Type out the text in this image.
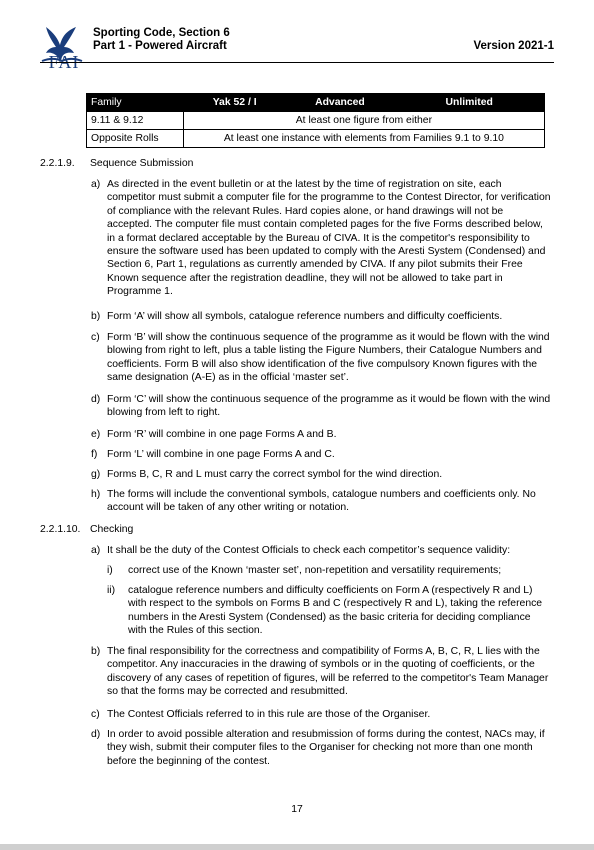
FAI
Sporting Code, Section 6
Part 1 - Powered Aircraft	Version 2021-1
Family	Yak 52 / I	Advanced	Unlimited
9.11 & 9.12	At least one figure from either		
Opposite Rolls	At least one instance with elements from Families 9.1 to 9.10		
2.2.1.9. Sequence Submission
a) As directed in the event bulletin or at the latest by the time of registration on site, each competitor must submit a computer file for the programme to the Contest Director, for verification of compliance with the relevant Rules. Hard copies alone, or hand drawings will not be accepted. The computer file must contain completed pages for the five Forms described below, in a format declared acceptable by the Bureau of CIVA. It is the competitor's responsibility to ensure the software used has been updated to comply with the Aresti System (Condensed) and Section 6, Part 1, regulations as currently amended by CIVA. If any pilot submits their Free Known sequence after the registration deadline, they will not be allowed to take part in Programme 1.
b) Form ‘A’ will show all symbols, catalogue reference numbers and difficulty coefficients.
c) Form ‘B’ will show the continuous sequence of the programme as it would be flown with the wind blowing from right to left, plus a table listing the Figure Numbers, their Catalogue Numbers and coefficients. Form B will also show identification of the five compulsory Known figures with the same designation (A-E) as in the official ‘master set’.
d) Form ‘C’ will show the continuous sequence of the programme as it would be flown with the wind blowing from left to right.
e) Form ‘R’ will combine in one page Forms A and B.
f) Form ‘L’ will combine in one page Forms A and C.
g) Forms B, C, R and L must carry the correct symbol for the wind direction.
h) The forms will include the conventional symbols, catalogue numbers and coefficients only. No account will be taken of any other writing or notation.
2.2.1.10. Checking
a) It shall be the duty of the Contest Officials to check each competitor’s sequence validity:
i) correct use of the Known ‘master set’, non-repetition and versatility requirements;
ii) catalogue reference numbers and difficulty coefficients on Form A (respectively R and L) with respect to the symbols on Forms B and C (respectively R and L), taking the reference numbers in the Aresti System (Condensed) as the basic criteria for deciding compliance with the Rules of this section.
b) The final responsibility for the correctness and compatibility of Forms A, B, C, R, L lies with the competitor. Any inaccuracies in the drawing of symbols or in the quoting of coefficients, or the discovery of any cases of repetition of figures, will be referred to the competitor's Team Manager so that the forms may be corrected and resubmitted.
c) The Contest Officials referred to in this rule are those of the Organiser.
d) In order to avoid possible alteration and resubmission of forms during the contest, NACs may, if they wish, submit their computer files to the Organiser for checking not more than one month before the beginning of the contest.
17
